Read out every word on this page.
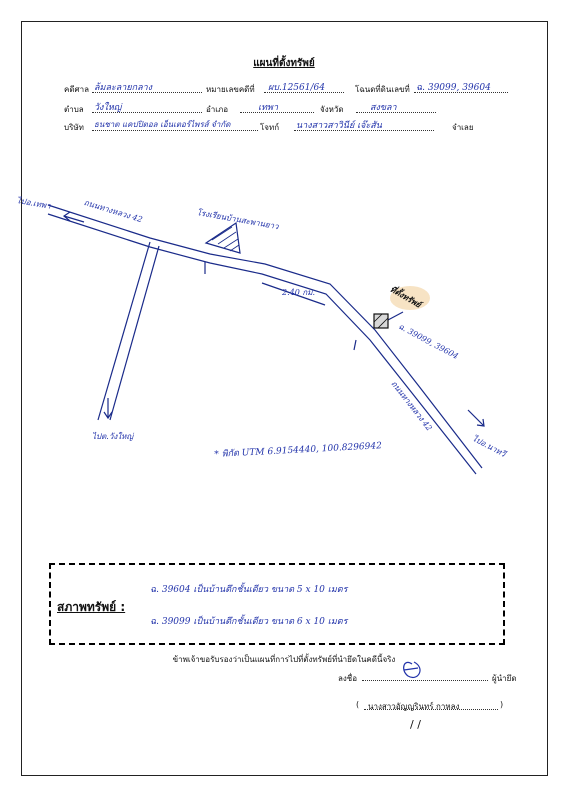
แผนที่ตั้งทรัพย์
คดีศาล ล้มละลายกลาง	หมายเลขคดีที่ ผบ.12561/64	โฉนดที่ดินเลขที่ ฉ. 39099, 39604
ตำบล วังใหญ่	อำเภอ	เทพา	จังหวัด	สงขลา
บริษัท ธนชาต แคปปิตอล เอ็นเตอร์ไพรส์ จำกัด	โจทก์ นางสาวสาวินีย์ เจ๊ะสัน	จำเลย
ถนนทางหลวง 42
ถนนทางหลวง 42
ไปอ.เทพา
ไปต.วังใหญ่	ไปอ.นาทวี
โรงเรียนบ้านสะพานยาว
2.40 กม.	ที่ตั้งทรัพย์
ฉ. 39099, 39604
* พิกัด UTM 6.9154440, 100.8296942
สภาพทรัพย์ :
ฉ. 39604 เป็นบ้านตึกชั้นเดียว ขนาด 5 x 10 เมตร
ฉ. 39099 เป็นบ้านตึกชั้นเดียว ขนาด 6 x 10 เมตร
ข้าพเจ้าขอรับรองว่าเป็นแผนที่การไปที่ตั้งทรัพย์ที่นำยึดในคดีนี้จริง
ลงชื่อ	ผู้นำยึด
( นางสาวอัญญรินทร์ กาหลง	)
/ /
